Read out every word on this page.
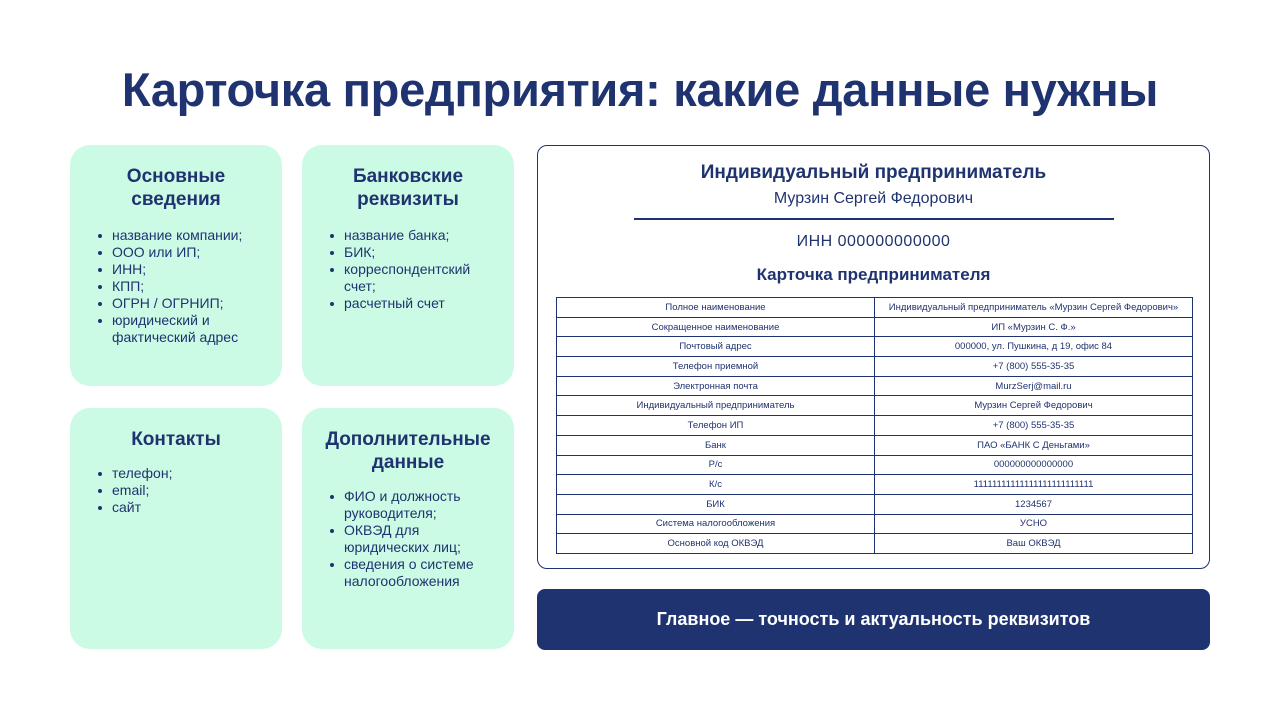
Карточка предприятия: какие данные нужны
Основные сведения
название компании;
ООО или ИП;
ИНН;
КПП;
ОГРН / ОГРНИП;
юридический и фактический адрес
Банковские реквизиты
название банка;
БИК;
корреспондентский счет;
расчетный счет
Контакты
телефон;
email;
сайт
Дополнительные данные
ФИО и должность руководителя;
ОКВЭД для юридических лиц;
сведения о системе налогообложения
Индивидуальный предприниматель
Мурзин Сергей Федорович
ИНН 000000000000
Карточка предпринимателя
Полное наименование	Индивидуальный предприниматель «Мурзин Сергей Федорович»
Сокращенное наименование	ИП «Мурзин С. Ф.»
Почтовый адрес	000000, ул. Пушкина, д 19, офис 84
Телефон приемной	+7 (800) 555-35-35
Электронная почта	MurzSerj@mail.ru
Индивидуальный предприниматель	Мурзин Сергей Федорович
Телефон ИП	+7 (800) 555-35-35
Банк	ПАО «БАНК С Деньгами»
Р/с	000000000000000
К/с	11111111111111111111111111
БИК	1234567
Система налогообложения	УСНО
Основной код ОКВЭД	Ваш ОКВЭД
Главное — точность и актуальность реквизитов
